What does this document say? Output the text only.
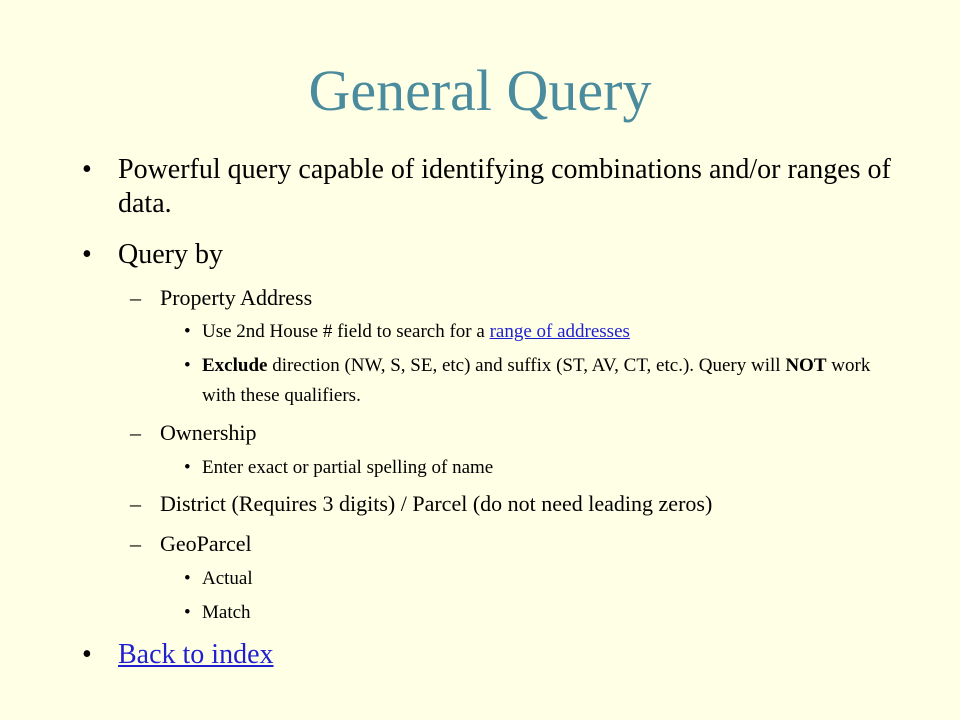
General Query
• Powerful query capable of identifying combinations and/or ranges of data.
• Query by
– Property Address
• Use 2nd House # field to search for a range of addresses
• Exclude direction (NW, S, SE, etc) and suffix (ST, AV, CT, etc.). Query will NOT work with these qualifiers.
– Ownership
• Enter exact or partial spelling of name
– District (Requires 3 digits) / Parcel (do not need leading zeros)
– GeoParcel
• Actual
• Match
• Back to index
